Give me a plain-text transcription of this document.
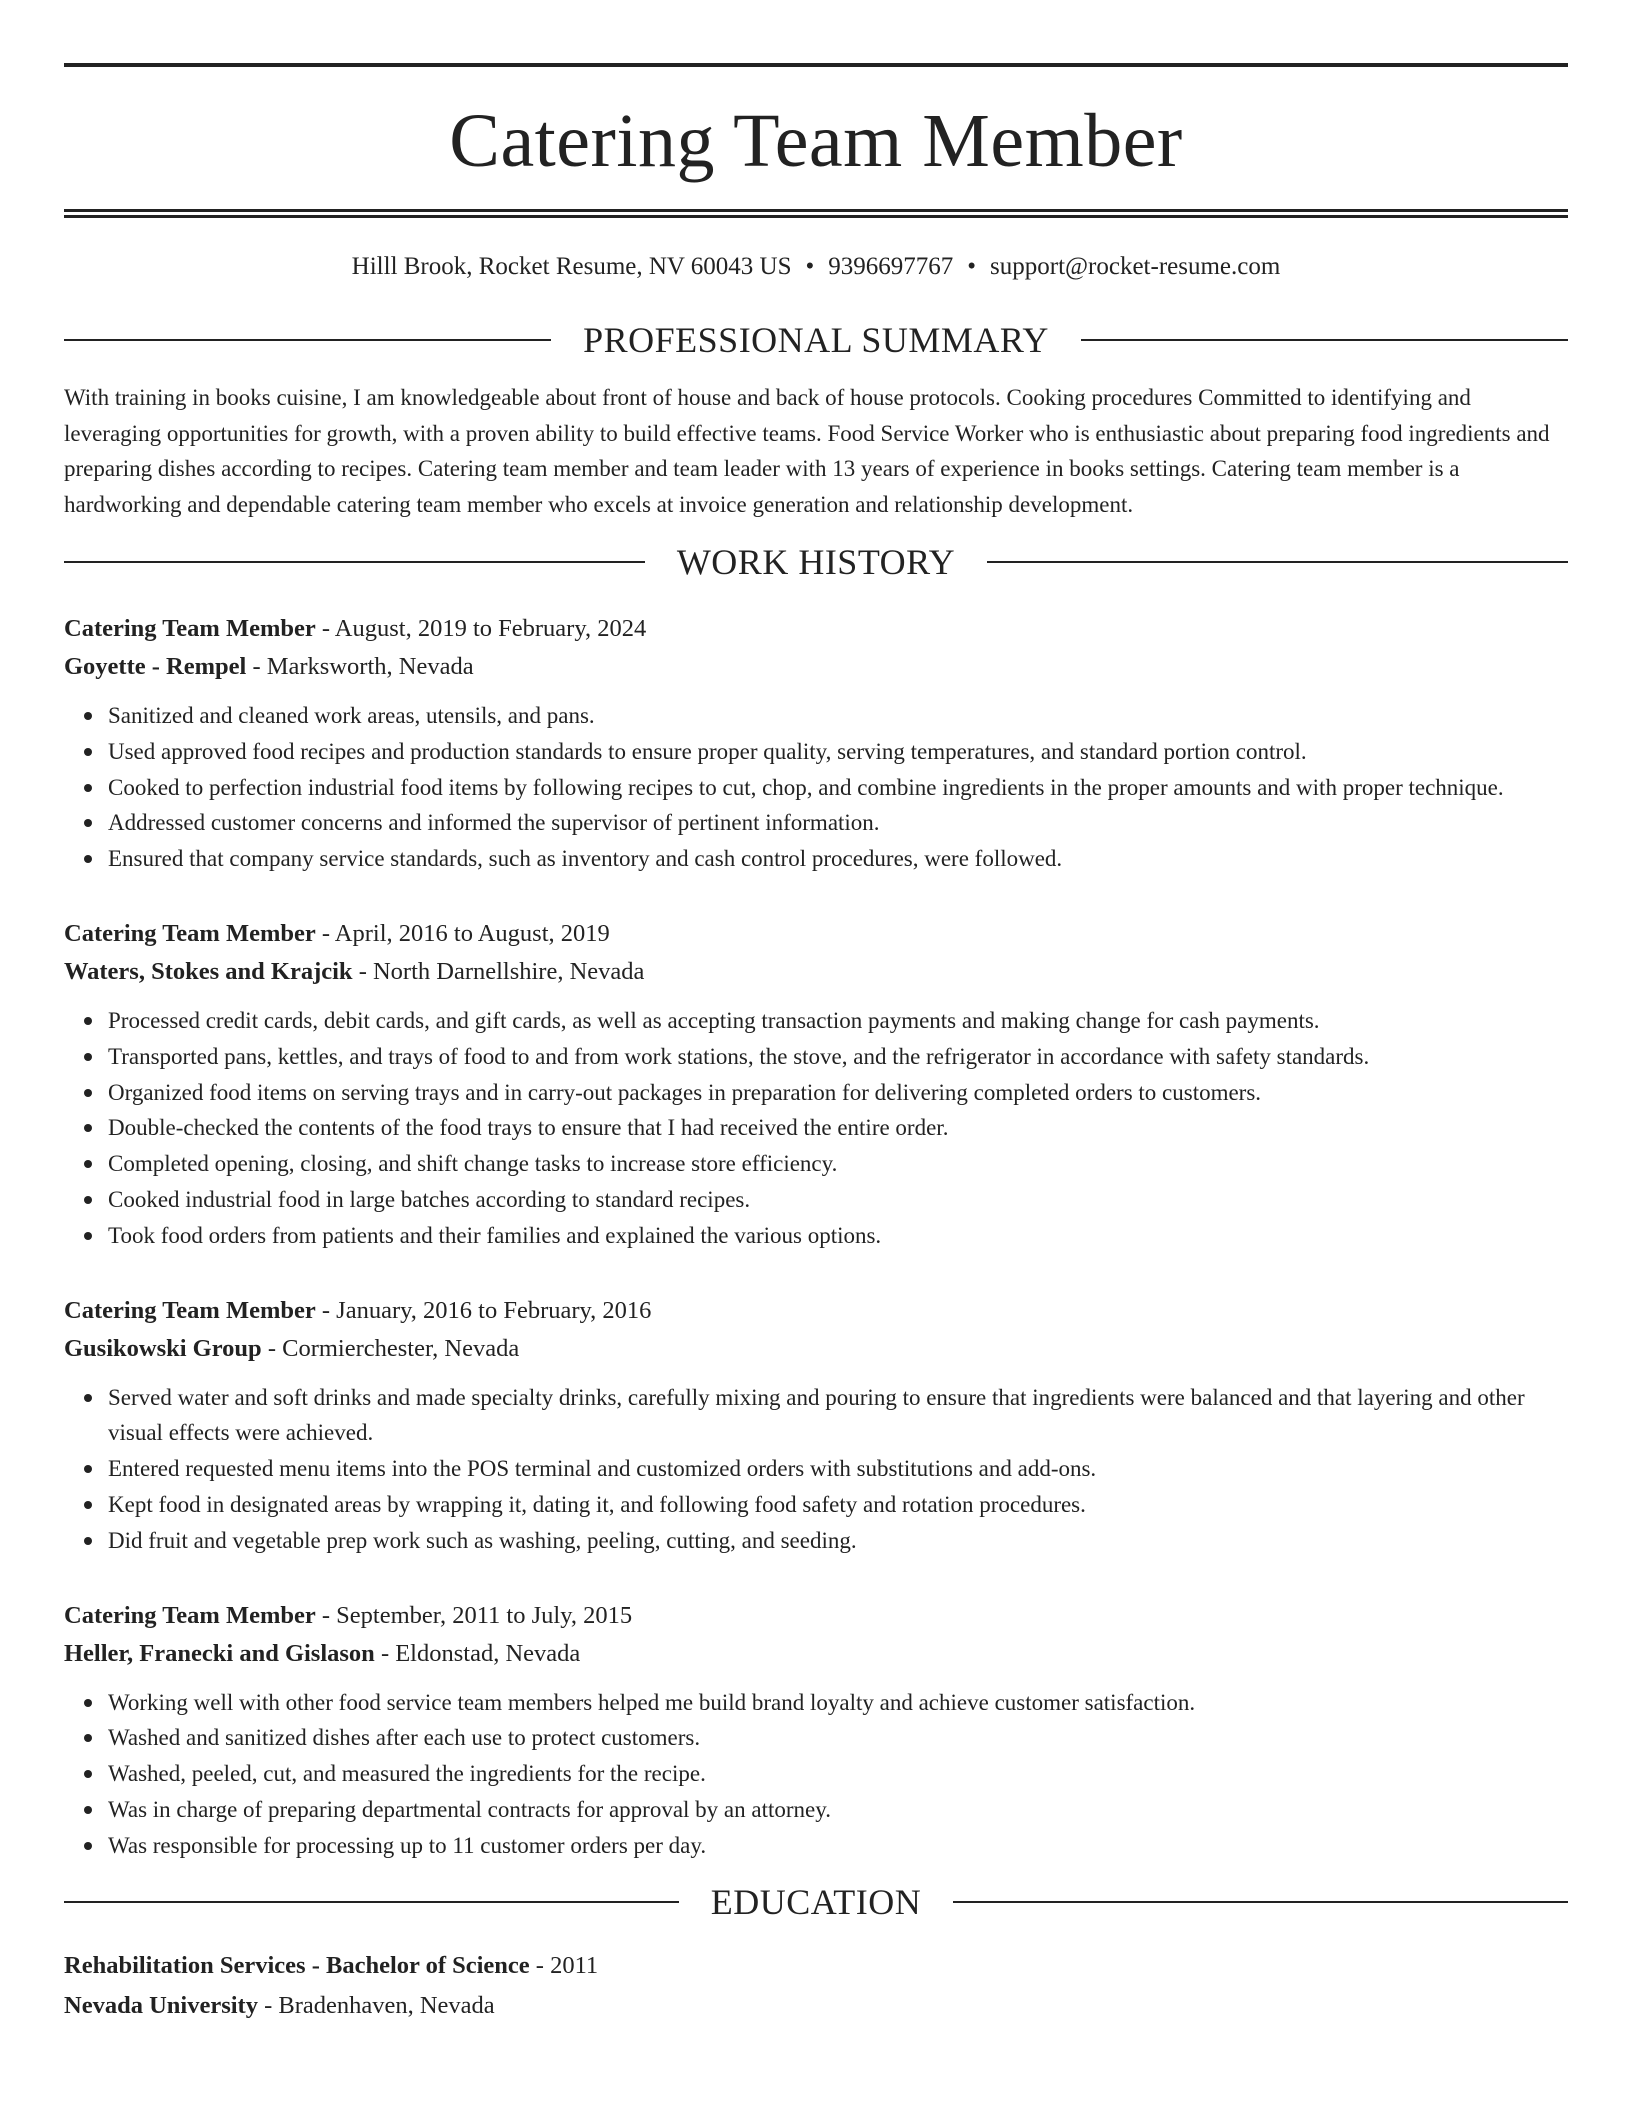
Catering Team Member
Hilll Brook, Rocket Resume, NV 60043 US • 9396697767 • support@rocket-resume.com
PROFESSIONAL SUMMARY

With training in books cuisine, I am knowledgeable about front of house and back of house protocols. Cooking procedures Committed to identifying and leveraging opportunities for growth, with a proven ability to build effective teams. Food Service Worker who is enthusiastic about preparing food ingredients and preparing dishes according to recipes. Catering team member and team leader with 13 years of experience in books settings. Catering team member is a hardworking and dependable catering team member who excels at invoice generation and relationship development.

WORK HISTORY
Catering Team Member - August, 2019 to February, 2024
Goyette - Rempel - Marksworth, Nevada
Sanitized and cleaned work areas, utensils, and pans.
Used approved food recipes and production standards to ensure proper quality, serving temperatures, and standard portion control.
Cooked to perfection industrial food items by following recipes to cut, chop, and combine ingredients in the proper amounts and with proper technique.
Addressed customer concerns and informed the supervisor of pertinent information.
Ensured that company service standards, such as inventory and cash control procedures, were followed.
Catering Team Member - April, 2016 to August, 2019
Waters, Stokes and Krajcik - North Darnellshire, Nevada
Processed credit cards, debit cards, and gift cards, as well as accepting transaction payments and making change for cash payments.
Transported pans, kettles, and trays of food to and from work stations, the stove, and the refrigerator in accordance with safety standards.
Organized food items on serving trays and in carry-out packages in preparation for delivering completed orders to customers.
Double-checked the contents of the food trays to ensure that I had received the entire order.
Completed opening, closing, and shift change tasks to increase store efficiency.
Cooked industrial food in large batches according to standard recipes.
Took food orders from patients and their families and explained the various options.
Catering Team Member - January, 2016 to February, 2016
Gusikowski Group - Cormierchester, Nevada
Served water and soft drinks and made specialty drinks, carefully mixing and pouring to ensure that ingredients were balanced and that layering and other visual effects were achieved.
Entered requested menu items into the POS terminal and customized orders with substitutions and add-ons.
Kept food in designated areas by wrapping it, dating it, and following food safety and rotation procedures.
Did fruit and vegetable prep work such as washing, peeling, cutting, and seeding.
Catering Team Member - September, 2011 to July, 2015
Heller, Franecki and Gislason - Eldonstad, Nevada
Working well with other food service team members helped me build brand loyalty and achieve customer satisfaction.
Washed and sanitized dishes after each use to protect customers.
Washed, peeled, cut, and measured the ingredients for the recipe.
Was in charge of preparing departmental contracts for approval by an attorney.
Was responsible for processing up to 11 customer orders per day.
EDUCATION
Rehabilitation Services - Bachelor of Science - 2011
Nevada University - Bradenhaven, Nevada
